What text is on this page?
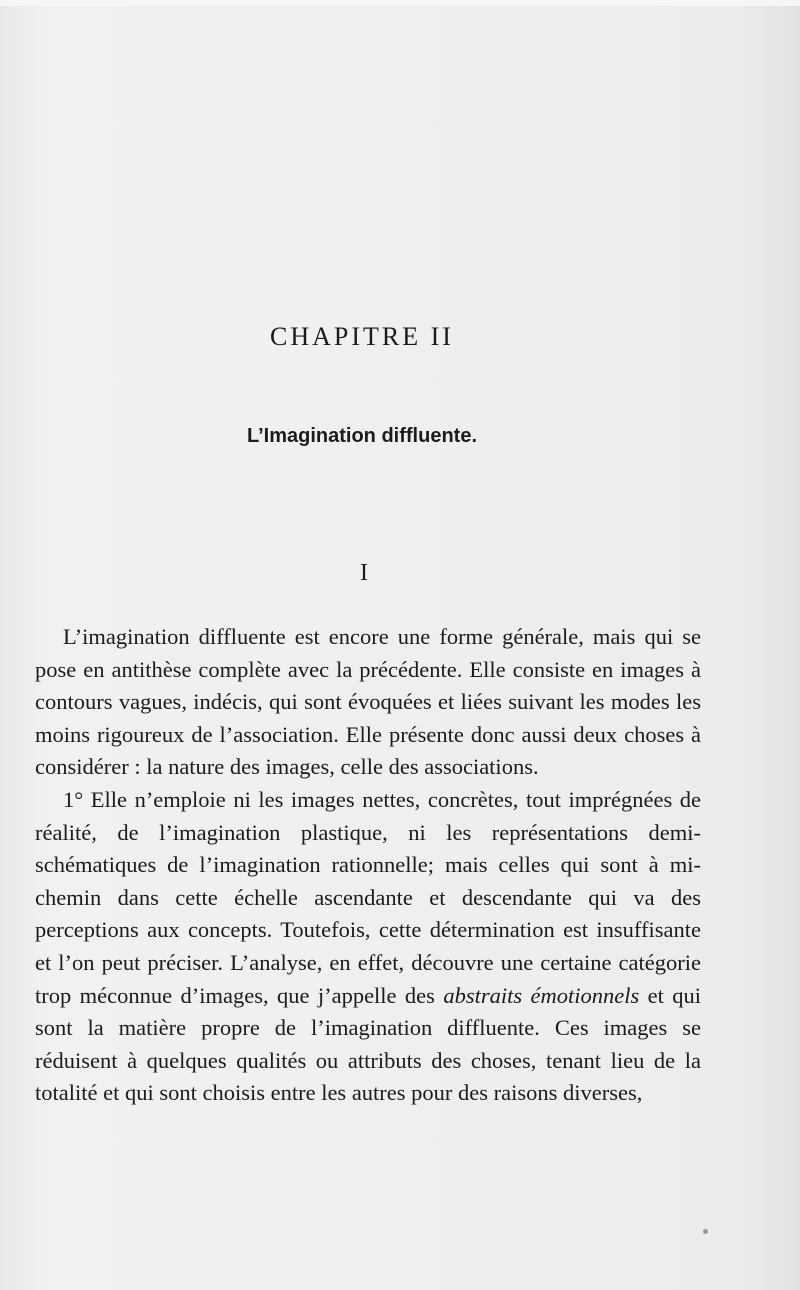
CHAPITRE II
L’Imagination diffluente.
I

L’imagination diffluente est encore une forme générale, mais qui se pose en antithèse complète avec la précédente. Elle consiste en images à contours vagues, indécis, qui sont évoquées et liées suivant les modes les moins rigoureux de l’association. Elle présente donc aussi deux choses à considérer : la nature des images, celle des associations.

1° Elle n’emploie ni les images nettes, concrètes, tout imprégnées de réalité, de l’imagination plastique, ni les représentations demi-schématiques de l’imagination rationnelle; mais celles qui sont à mi-chemin dans cette échelle ascendante et descendante qui va des perceptions aux concepts. Toutefois, cette détermination est insuffisante et l’on peut préciser. L’analyse, en effet, découvre une certaine catégorie trop méconnue d’images, que j’appelle des abstraits émotionnels et qui sont la matière propre de l’imagination diffluente. Ces images se réduisent à quelques qualités ou attributs des choses, tenant lieu de la totalité et qui sont choisis entre les autres pour des raisons diverses,
